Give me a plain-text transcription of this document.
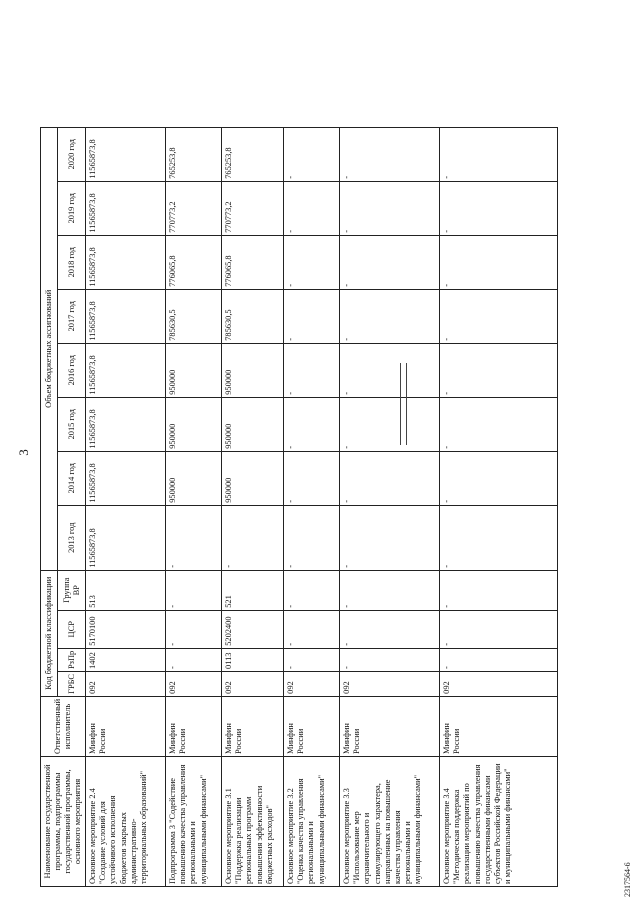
3
Наименование государственной программы, подпрограммы государственной программы, основного мероприятия	Ответственный исполнитель	Код бюджетной классификации				Объем бюджетных ассигнований							
		ГРБС	РзПр	ЦСР	Группа ВР	2013 год	2014 год	2015 год	2016 год	2017 год	2018 год	2019 год	2020 год
Основное мероприятие 2.4 "Создание условий для устойчивого исполнения бюджетов закрытых административно-территориальных образований"	Минфин России	092	1402	5170100	513	11565873,8	11565873,8	11565873,8	11565873,8	11565873,8	11565873,8	11565873,8	11565873,8
Подпрограмма 3 "Содействие повышению качества управления региональными и муниципальными финансами"	Минфин России	092	-	-	-	-	950000	950000	950000	785630,5	776065,8	770773,2	765253,8
Основное мероприятие 3.1 "Поддержка реализации региональных программ повышения эффективности бюджетных расходов"	Минфин России	092	0113	5202400	521	-	950000	950000	950000	785630,5	776065,8	770773,2	765253,8
Основное мероприятие 3.2 "Оценка качества управления региональными и муниципальными финансами"	Минфин России	092	-	-	-	-	-	-	-	-	-	-	-
Основное мероприятие 3.3 "Использование мер ограничительного и стимулирующего характера, направленных на повышение качества управления региональными и муниципальными финансами"	Минфин России	092	-	-	-	-	-	-	-	-	-	-	-
Основное мероприятие 3.4 "Методическая поддержка реализации мероприятий по повышению качества управления государственными финансами субъектов Российской Федерации и муниципальными финансами"	Минфин России	092	-	-	-	-	-	-	-	-	-	-	-
2317564-6
